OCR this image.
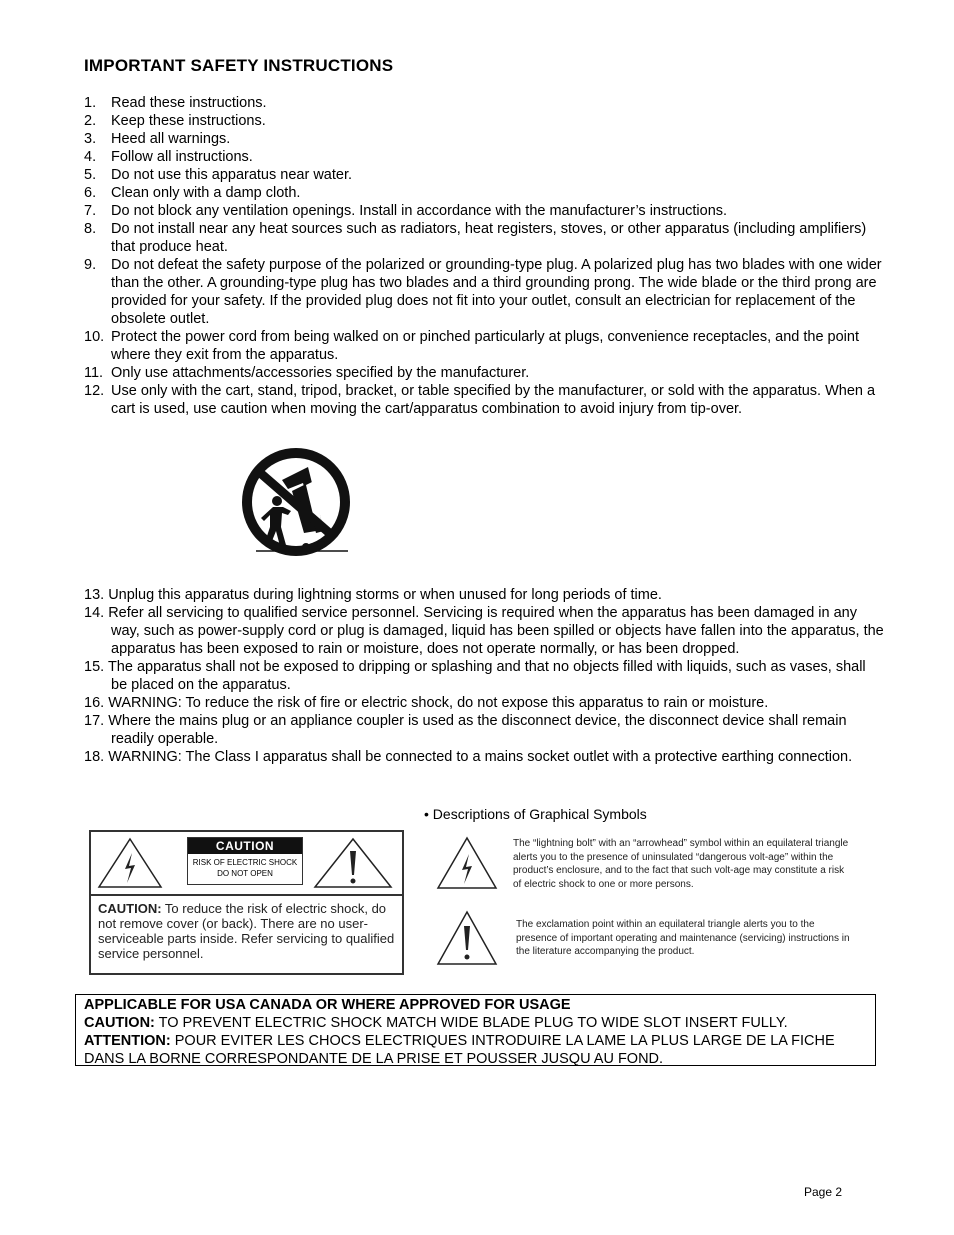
IMPORTANT SAFETY INSTRUCTIONS
1. Read these instructions.
2. Keep these instructions.
3. Heed all warnings.
4. Follow all instructions.
5. Do not use this apparatus near water.
6. Clean only with a damp cloth.
7. Do not block any ventilation openings. Install in accordance with the manufacturer’s instructions.
8. Do not install near any heat sources such as radiators, heat registers, stoves, or other apparatus (including amplifiers) that produce heat.
9. Do not defeat the safety purpose of the polarized or grounding-type plug. A polarized plug has two blades with one wider than the other. A grounding-type plug has two blades and a third grounding prong. The wide blade or the third prong are provided for your safety. If the provided plug does not fit into your outlet, consult an electrician for replacement of the obsolete outlet.
10. Protect the power cord from being walked on or pinched particularly at plugs, convenience receptacles, and the point where they exit from the apparatus.
11. Only use attachments/accessories specified by the manufacturer.
12. Use only with the cart, stand, tripod, bracket, or table specified by the manufacturer, or sold with the apparatus. When a cart is used, use caution when moving the cart/apparatus combination to avoid injury from tip-over.
13. Unplug this apparatus during lightning storms or when unused for long periods of time.
14. Refer all servicing to qualified service personnel. Servicing is required when the apparatus has been damaged in any way, such as power-supply cord or plug is damaged, liquid has been spilled or objects have fallen into the apparatus, the apparatus has been exposed to rain or moisture, does not operate normally, or has been dropped.
15. The apparatus shall not be exposed to dripping or splashing and that no objects filled with liquids, such as vases, shall be placed on the apparatus.
16. WARNING: To reduce the risk of fire or electric shock, do not expose this apparatus to rain or moisture.
17. Where the mains plug or an appliance coupler is used as the disconnect device, the disconnect device shall remain readily operable.
18. WARNING: The Class I apparatus shall be connected to a mains socket outlet with a protective earthing connection.
• Descriptions of Graphical Symbols
CAUTION
RISK OF ELECTRIC SHOCK
DO NOT OPEN
CAUTION: To reduce the risk of electric shock, do not remove cover (or back). There are no user-serviceable parts inside. Refer servicing to qualified service personnel.
The “lightning bolt” with an “arrowhead” symbol within an equilateral triangle alerts you to the presence of uninsulated “dangerous volt-age” within the product’s enclosure, and to the fact that such volt-age may constitute a risk of electric shock to one or more persons.
The exclamation point within an equilateral triangle alerts you to the presence of important operating and maintenance (servicing) instructions in the literature accompanying the product.
APPLICABLE FOR USA CANADA OR WHERE APPROVED FOR USAGE
CAUTION: TO PREVENT ELECTRIC SHOCK MATCH WIDE BLADE PLUG TO WIDE SLOT INSERT FULLY.
ATTENTION: POUR EVITER LES CHOCS ELECTRIQUES INTRODUIRE LA LAME LA PLUS LARGE DE LA FICHE DANS LA BORNE CORRESPONDANTE DE LA PRISE ET POUSSER JUSQU AU FOND.
Page 2
